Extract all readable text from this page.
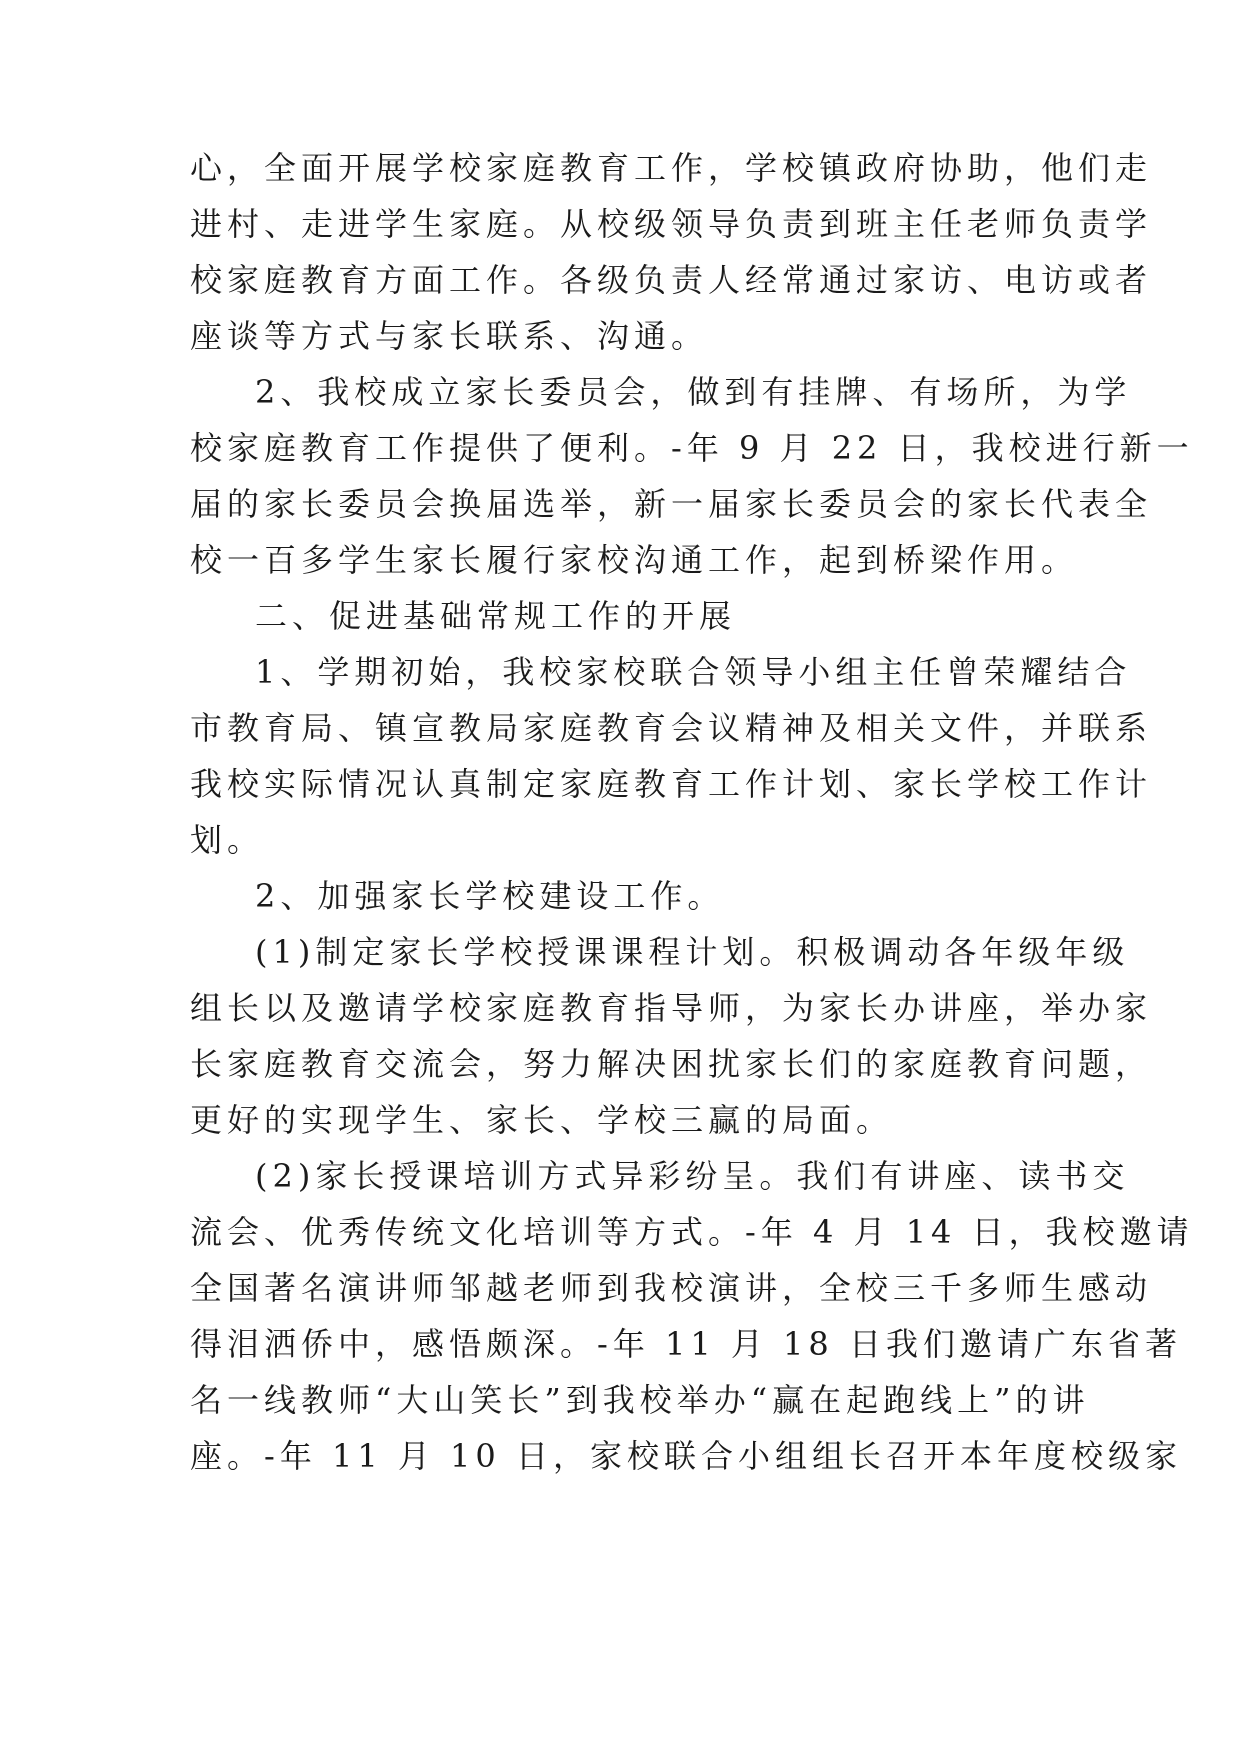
心，全面开展学校家庭教育工作，学校镇政府协助，他们走
进村、走进学生家庭。从校级领导负责到班主任老师负责学
校家庭教育方面工作。各级负责人经常通过家访、电访或者
座谈等方式与家长联系、沟通。
2、我校成立家长委员会，做到有挂牌、有场所，为学
校家庭教育工作提供了便利。-年 9 月 22 日，我校进行新一
届的家长委员会换届选举，新一届家长委员会的家长代表全
校一百多学生家长履行家校沟通工作，起到桥梁作用。
二、促进基础常规工作的开展
1、学期初始，我校家校联合领导小组主任曾荣耀结合
市教育局、镇宣教局家庭教育会议精神及相关文件，并联系
我校实际情况认真制定家庭教育工作计划、家长学校工作计
划。
2、加强家长学校建设工作。
(1)制定家长学校授课课程计划。积极调动各年级年级
组长以及邀请学校家庭教育指导师，为家长办讲座，举办家
长家庭教育交流会，努力解决困扰家长们的家庭教育问题，
更好的实现学生、家长、学校三赢的局面。
(2)家长授课培训方式异彩纷呈。我们有讲座、读书交
流会、优秀传统文化培训等方式。-年 4 月 14 日，我校邀请
全国著名演讲师邹越老师到我校演讲，全校三千多师生感动
得泪洒侨中，感悟颇深。-年 11 月 18 日我们邀请广东省著
名一线教师“大山笑长”到我校举办“赢在起跑线上”的讲
座。-年 11 月 10 日，家校联合小组组长召开本年度校级家
